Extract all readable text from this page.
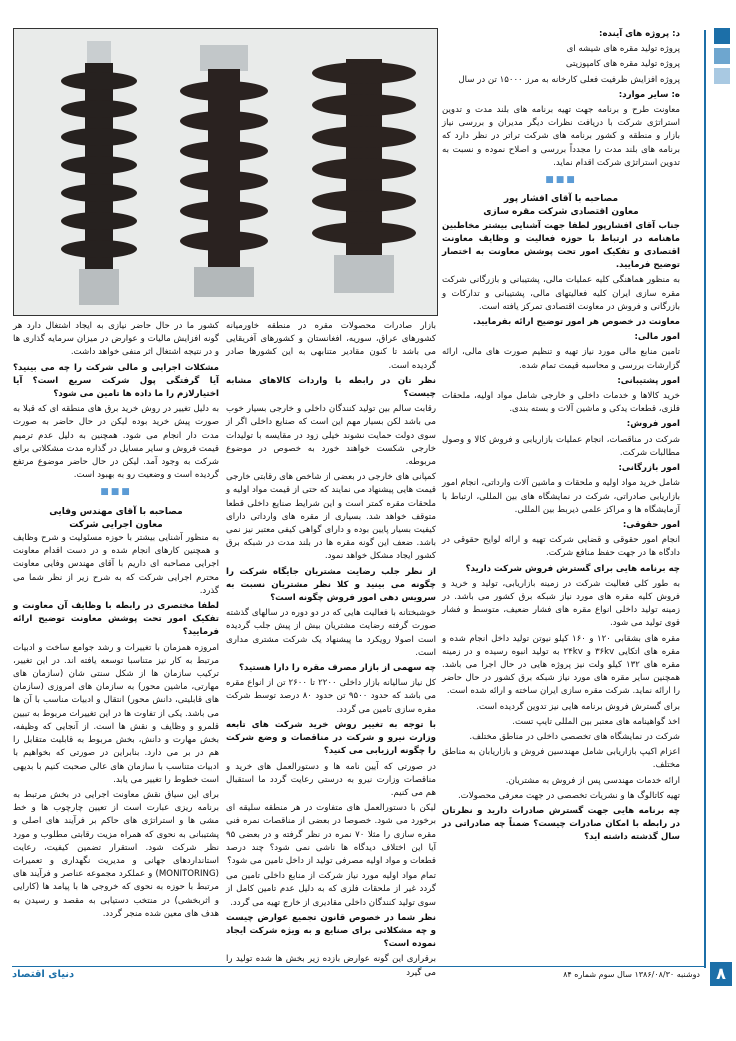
د: پروژه های آینده:

پروژه تولید مقره های شیشه ای

پروژه تولید مقره های کامپوزیتی

پروژه افزایش ظرفیت فعلی کارخانه به مرز ۱۵۰۰۰ تن در سال

ه: سایر موارد:

معاونت طرح و برنامه جهت تهیه برنامه های بلند مدت و تدوین استراتژی شرکت با دریافت نظرات دیگر مدیران و بررسی نیاز بازار و منطقه و کشور برنامه های شرکت تراتر در نظر دارد که برنامه های بلند مدت را مجدداً بررسی و اصلاح نموده و نسبت به تدوین استراتژی شرکت اقدام نماید.

■■■
مصاحبه با آقای افشار پور
معاون اقتصادی شرکت مقره سازی

جناب آقای افشارپور لطفا جهت آشنایی بیشتر مخاطبین ماهنامه در ارتباط با حوزه فعالیت و وظایف معاونت اقتصادی و تفکیک امور تحت پوشش معاونت به اختصار توضیح فرمایید.

به منظور هماهنگی کلیه عملیات مالی، پشتیبانی و بازرگانی شرکت مقره سازی ایران کلیه فعالیتهای مالی، پشتیبانی و تدارکات و بازرگانی و فروش در معاونت اقتصادی تمرکز یافته است.

معاونت در خصوص هر امور توضیح ارائه بفرمایید.

امور مالی:

تامین منابع مالی مورد نیاز تهیه و تنظیم صورت های مالی، ارائه گزارشات بررسی و محاسبه قیمت تمام شده.

امور پشتیبانی:

خرید کالاها و خدمات داخلی و خارجی شامل مواد اولیه، ملحقات فلزی، قطعات یدکی و ماشین آلات و بسته بندی.

امور فروش:

شرکت در مناقصات، انجام عملیات بازاریابی و فروش کالا و وصول مطالبات شرکت.

امور بازرگانی:

شامل خرید مواد اولیه و ملحقات و ماشین آلات وارداتی، انجام امور بازاریابی صادراتی، شرکت در نمایشگاه های بین المللی، ارتباط با آزمایشگاه ها و مراکز علمی ذیربط بین المللی.

امور حقوقی:

انجام امور حقوقی و قضایی شرکت تهیه و ارائه لوایح حقوقی در دادگاه ها در جهت حفظ منافع شرکت.

چه برنامه هایی برای گسترش فروش شرکت دارید؟

به طور کلی فعالیت شرکت در زمینه بازاریابی، تولید و خرید و فروش کلیه مقره های مورد نیاز شبکه برق کشور می باشد. در زمینه تولید داخلی انواع مقره های فشار ضعیف، متوسط و فشار قوی تولید می شود.

مقره های بشقابی ۱۲۰ و ۱۶۰ کیلو نیوتن تولید داخل انجام شده و مقره های اتکایی ۳۶kv و ۲۴kv به تولید انبوه رسیده و در زمینه مقره های ۱۳۲ کیلو ولت نیز پروژه هایی در حال اجرا می باشد. همچنین سایر مقره های مورد نیاز شبکه برق کشور در حال حاضر را ارائه نماید. شرکت مقره سازی ایران ساخته و ارائه شده است.

برای گسترش فروش برنامه هایی نیز تدوین گردیده است.

اخذ گواهینامه های معتبر بین المللی تایپ تست.

شرکت در نمایشگاه های تخصصی داخلی در مناطق مختلف.

اعزام اکیپ بازاریابی شامل مهندسین فروش و بازاریابان به مناطق مختلف.

ارائه خدمات مهندسی پس از فروش به مشتریان.

تهیه کاتالوگ ها و نشریات تخصصی در جهت معرفی محصولات.

چه برنامه هایی جهت گسترش صادرات دارید و نظرتان در رابطه با امکان صادرات چیست؟ ضمناً چه صادراتی در سال گذشته داشته اید؟

بازار صادرات محصولات مقره در منطقه خاورمیانه کشورهای عراق، سوریه، افغانستان و کشورهای آفریقایی می باشد تا کنون مقادیر متنابهی به این کشورها صادر گردیده است.

نظر تان در رابطه با واردات کالاهای مشابه چیست؟

رقابت سالم بین تولید کنندگان داخلی و خارجی بسیار خوب می باشد لکن بسیار مهم این است که صنایع داخلی اگر از سوی دولت حمایت نشوند خیلی زود در مقایسه با تولیدات خارجی شکست خواهند خورد به خصوص در موضوع مربوطه.

کمپانی های خارجی در بعضی از شاخص های رقابتی خارجی قیمت هایی پیشنهاد می نمایند که حتی از قیمت مواد اولیه و ملحقات مقره کمتر است و این شرایط صنایع داخلی قطعا متوقف خواهد شد. بسیاری از مقره های وارداتی دارای کیفیت بسیار پایین بوده و دارای گواهی کیفی معتبر نیز نمی باشد. ضعف این گونه مقره ها در بلند مدت در شبکه برق کشور ایجاد مشکل خواهد نمود.

از نظر جلب رضایت مشتریان جایگاه شرکت را چگونه می بینید و کلا نظر مشتریان نسبت به سرویس دهی امور فروش چگونه است؟

خوشبختانه با فعالیت هایی که در دو دوره در سالهای گذشته صورت گرفته رضایت مشتریان بیش از پیش جلب گردیده است اصولا رویکرد ما پیشنهاد یک شرکت مشتری مداری است.

چه سهمی از بازار مصرف مقره را دارا هستید؟

کل نیاز سالیانه بازار داخلی ۲۲۰۰ تا ۲۶۰۰ تن از انواع مقره می باشد که حدود ۹۵۰۰ تن حدود ۸۰ درصد توسط شرکت مقره سازی تامین می گردد.

با توجه به تغییر روش خرید شرکت های تابعه وزارت نیرو و شرکت در مناقصات و وضع شرکت را چگونه ارزیابی می کنید؟

در صورتی که آیین نامه ها و دستورالعمل های خرید و مناقصات وزارت نیرو به درستی رعایت گردد ما استقبال هم می کنیم.

لیکن با دستورالعمل های متفاوت در هر منطقه سلیقه ای برخورد می شود. خصوصا در بعضی از مناقصات نمره فنی مقره سازی را مثلا ۷۰ نمره در نظر گرفته و در بعضی ۹۵ آیا این اختلاف دیدگاه ها ناشی نمی شود؟ چند درصد قطعات و مواد اولیه مصرفی تولید از داخل تامین می شود؟

تمام مواد اولیه مورد نیاز شرکت از منابع داخلی تامین می گردد غیر از ملحقات فلزی که به دلیل عدم تامین کامل از سوی تولید کنندگان داخلی مقادیری از خارج تهیه می گردد.

نظر شما در خصوص قانون تجمیع عوارض چیست و چه مشکلاتی برای صنایع و به ویژه شرکت ایجاد نموده است؟

برقراری این گونه عوارض بازده زیر بخش ها شده تولید را می گیرد

کشور ما در حال حاضر نیازی به ایجاد اشتغال دارد هر گونه افزایش مالیات و عوارض در میزان سرمایه گذاری ها و در نتیجه اشتغال اثر منفی خواهد داشت.

مشکلات اجرایی و مالی شرکت را چه می بینید؟ آیا گرفتگی پول شرکت سریع است؟ آیا اختیارلازم را ما داده ها تامین می شود؟

به دلیل تغییر در روش خرید برق های منطقه ای که قبلا به صورت پیش خرید بوده لیکن در حال حاضر به صورت مدت دار انجام می شود. همچنین به دلیل عدم ترمیم قیمت فروش و سایر مسایل در گذاره مدت مشکلاتی برای شرکت به وجود آمد. لیکن در حال حاضر موضوع مرتفع گردیده است و وضعیت رو به بهبود است.

■■■
مصاحبه با آقای مهندس وفایی
معاون اجرایی شرکت

به منظور آشنایی بیشتر با حوزه مسئولیت و شرح وظایف و همچنین کارهای انجام شده و در دست اقدام معاونت اجرایی مصاحبه ای داریم با آقای مهندس وفایی معاونت محترم اجرایی شرکت که به شرح زیر از نظر شما می گذرد.

لطفا مختصری در رابطه با وظایف آن معاونت و تفکیک امور تحت پوشش معاونت توضیح ارائه فرمایید؟

امروزه همزمان با تغییرات و رشد جوامع ساخت و ادبیات مرتبط به کار نیز متناسبا توسعه یافته اند. در این تغییر، ترکیب سازمان ها از شکل سنتی شان (سازمان های مهارتی، ماشین محور) به سازمان های امروزی (سازمان های قابلیتی، دانش محور) انتقال و ادبیات مناسب با آن ها می باشد. یکی از تفاوت ها در این تغییرات مربوط به تبیین قلمرو و وظایف و نقش ها است. از آنجایی که وظیفه، بخش مهارت و دانش، بخش مربوط به قابلیت متقابل را هم در بر می دارد. بنابراین در صورتی که بخواهیم با ادبیات متناسب با سازمان های عالی صحبت کنیم با بدیهی است خطوط را تغییر می یابد.

برای این سیاق نقش معاونت اجرایی در بخش مرتبط به برنامه ریزی عبارت است از تعیین چارچوب ها و خط مشی ها و استراتژی های حاکم بر فرآیند های اصلی و پشتیبانی به نحوی که همراه مزیت رقابتی مطلوب و مورد نظر شرکت شود. استقرار تضمین کیفیت، رعایت استانداردهای جهانی و مدیریت نگهداری و تعمیرات (MONITORING) و عملکرد مجموعه عناصر و فرآیند های مرتبط با حوزه به نحوی که خروجی ها با پیامد ها (کارایی و اثربخشی) در منتخب دستیابی به مقصد و رسیدن به هدف های معین شده منجر گردد.

دنیای اقتصاد	دوشنبه ۱۳۸۶/۰۸/۳۰ سال سوم شماره ۸۴	۸
